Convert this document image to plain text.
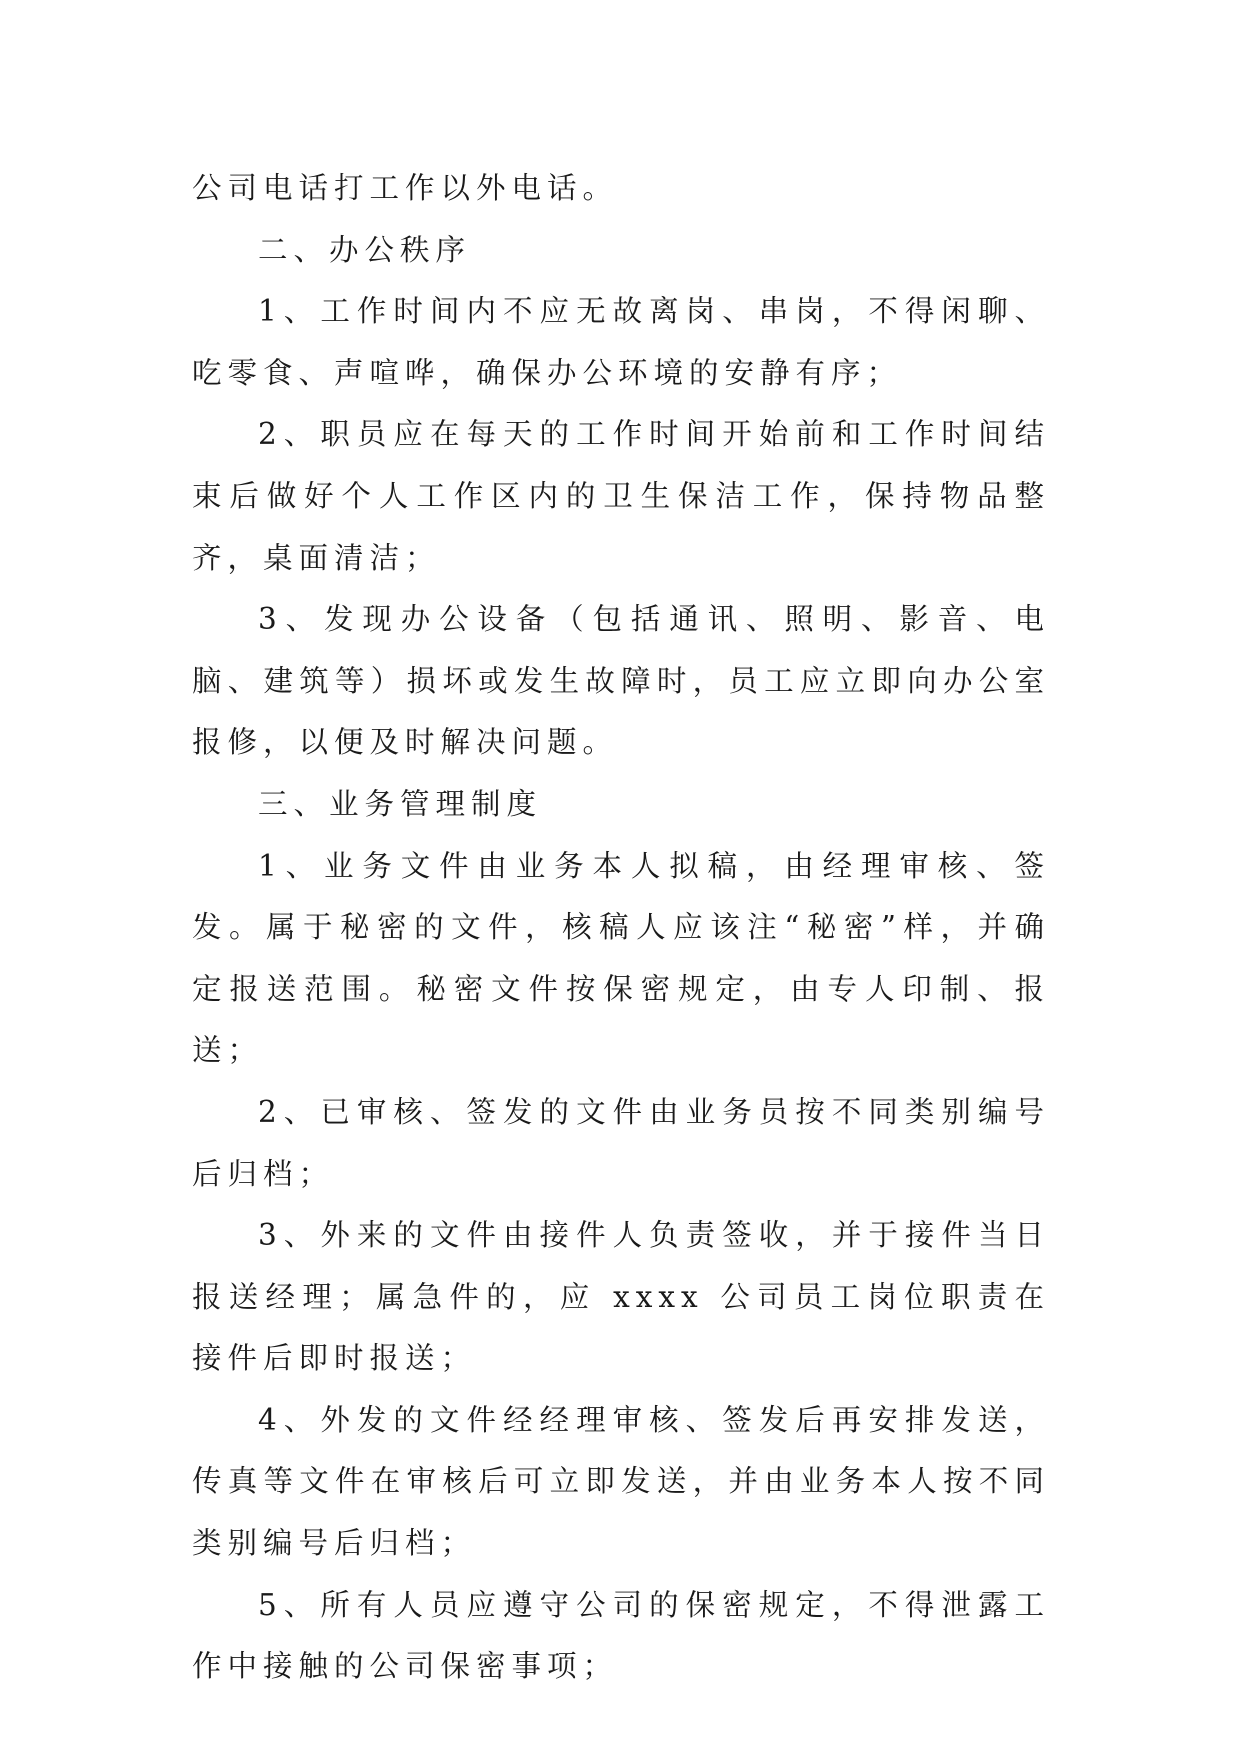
公司电话打工作以外电话。

二、办公秩序

1、工作时间内不应无故离岗、串岗，不得闲聊、吃零食、声喧哗，确保办公环境的安静有序；

2、职员应在每天的工作时间开始前和工作时间结束后做好个人工作区内的卫生保洁工作，保持物品整齐，桌面清洁；

3、发现办公设备（包括通讯、照明、影音、电脑、建筑等）损坏或发生故障时，员工应立即向办公室报修，以便及时解决问题。

三、业务管理制度

1、业务文件由业务本人拟稿，由经理审核、签发。属于秘密的文件，核稿人应该注“秘密”样，并确定报送范围。秘密文件按保密规定，由专人印制、报送；

2、已审核、签发的文件由业务员按不同类别编号后归档；

3、外来的文件由接件人负责签收，并于接件当日报送经理；属急件的，应 xxxx 公司员工岗位职责在接件后即时报送；

4、外发的文件经经理审核、签发后再安排发送，传真等文件在审核后可立即发送，并由业务本人按不同类别编号后归档；

5、所有人员应遵守公司的保密规定，不得泄露工作中接触的公司保密事项；
